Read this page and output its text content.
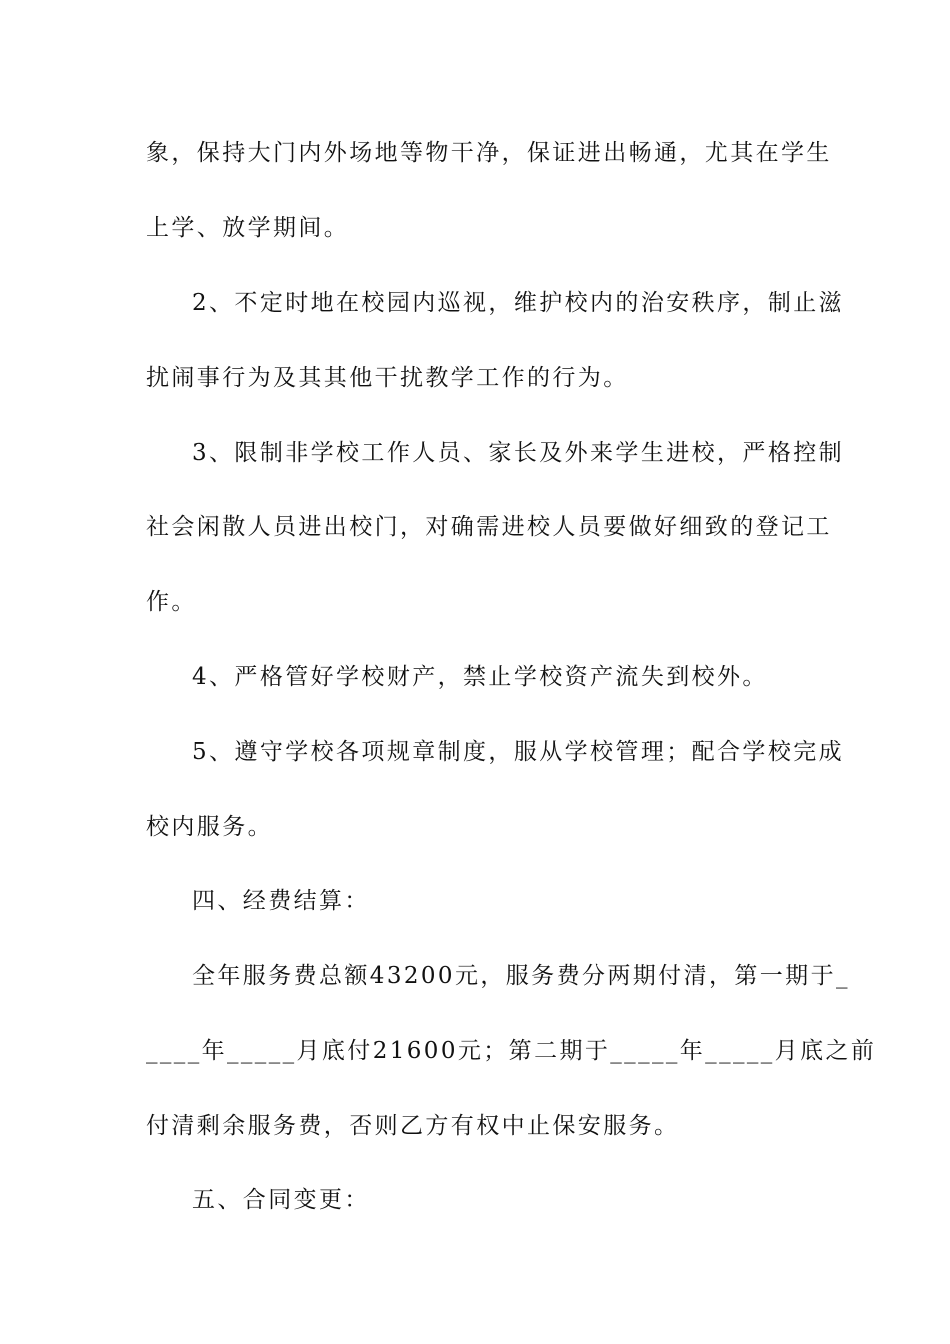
象，保持大门内外场地等物干净，保证进出畅通，尤其在学生

上学、放学期间。

2、不定时地在校园内巡视，维护校内的治安秩序，制止滋

扰闹事行为及其其他干扰教学工作的行为。

3、限制非学校工作人员、家长及外来学生进校，严格控制

社会闲散人员进出校门，对确需进校人员要做好细致的登记工

作。

4、严格管好学校财产，禁止学校资产流失到校外。

5、遵守学校各项规章制度，服从学校管理；配合学校完成

校内服务。

四、经费结算：

全年服务费总额43200元，服务费分两期付清，第一期于_

____年_____月底付21600元；第二期于_____年_____月底之前

付清剩余服务费，否则乙方有权中止保安服务。

五、合同变更：
